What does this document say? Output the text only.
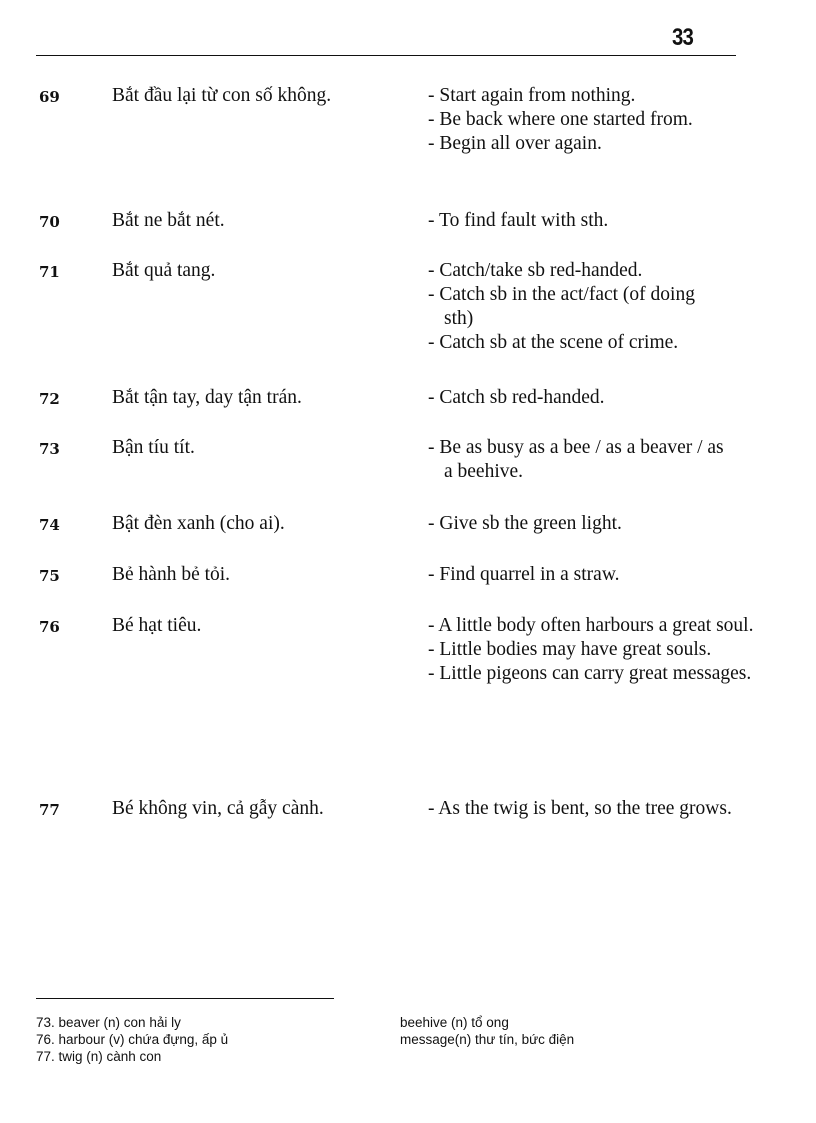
33
69	Bắt đầu lại từ con số không.	- Start again from nothing.
- Be back where one started from.
- Begin all over again.
70	Bắt ne bắt nét.	- To find fault with sth.
71	Bắt quả tang.	- Catch/take sb red-handed.
- Catch sb in the act/fact (of doing sth)
- Catch sb at the scene of crime.
72	Bắt tận tay, day tận trán.	- Catch sb red-handed.
73	Bận tíu tít.	- Be as busy as a bee / as a beaver / as a beehive.
74	Bật đèn xanh (cho ai).	- Give sb the green light.
75	Bẻ hành bẻ tỏi.	- Find quarrel in a straw.
76	Bé hạt tiêu.	- A little body often harbours a great soul.
- Little bodies may have great souls.
- Little pigeons can carry great messages.
77	Bé không vin, cả gẫy cành.	- As the twig is bent, so the tree grows.
73. beaver (n) con hải ly	beehive (n) tổ ong
76. harbour (v) chứa đựng, ấp ủ	message(n) thư tín, bức điện
77. twig (n) cành con
